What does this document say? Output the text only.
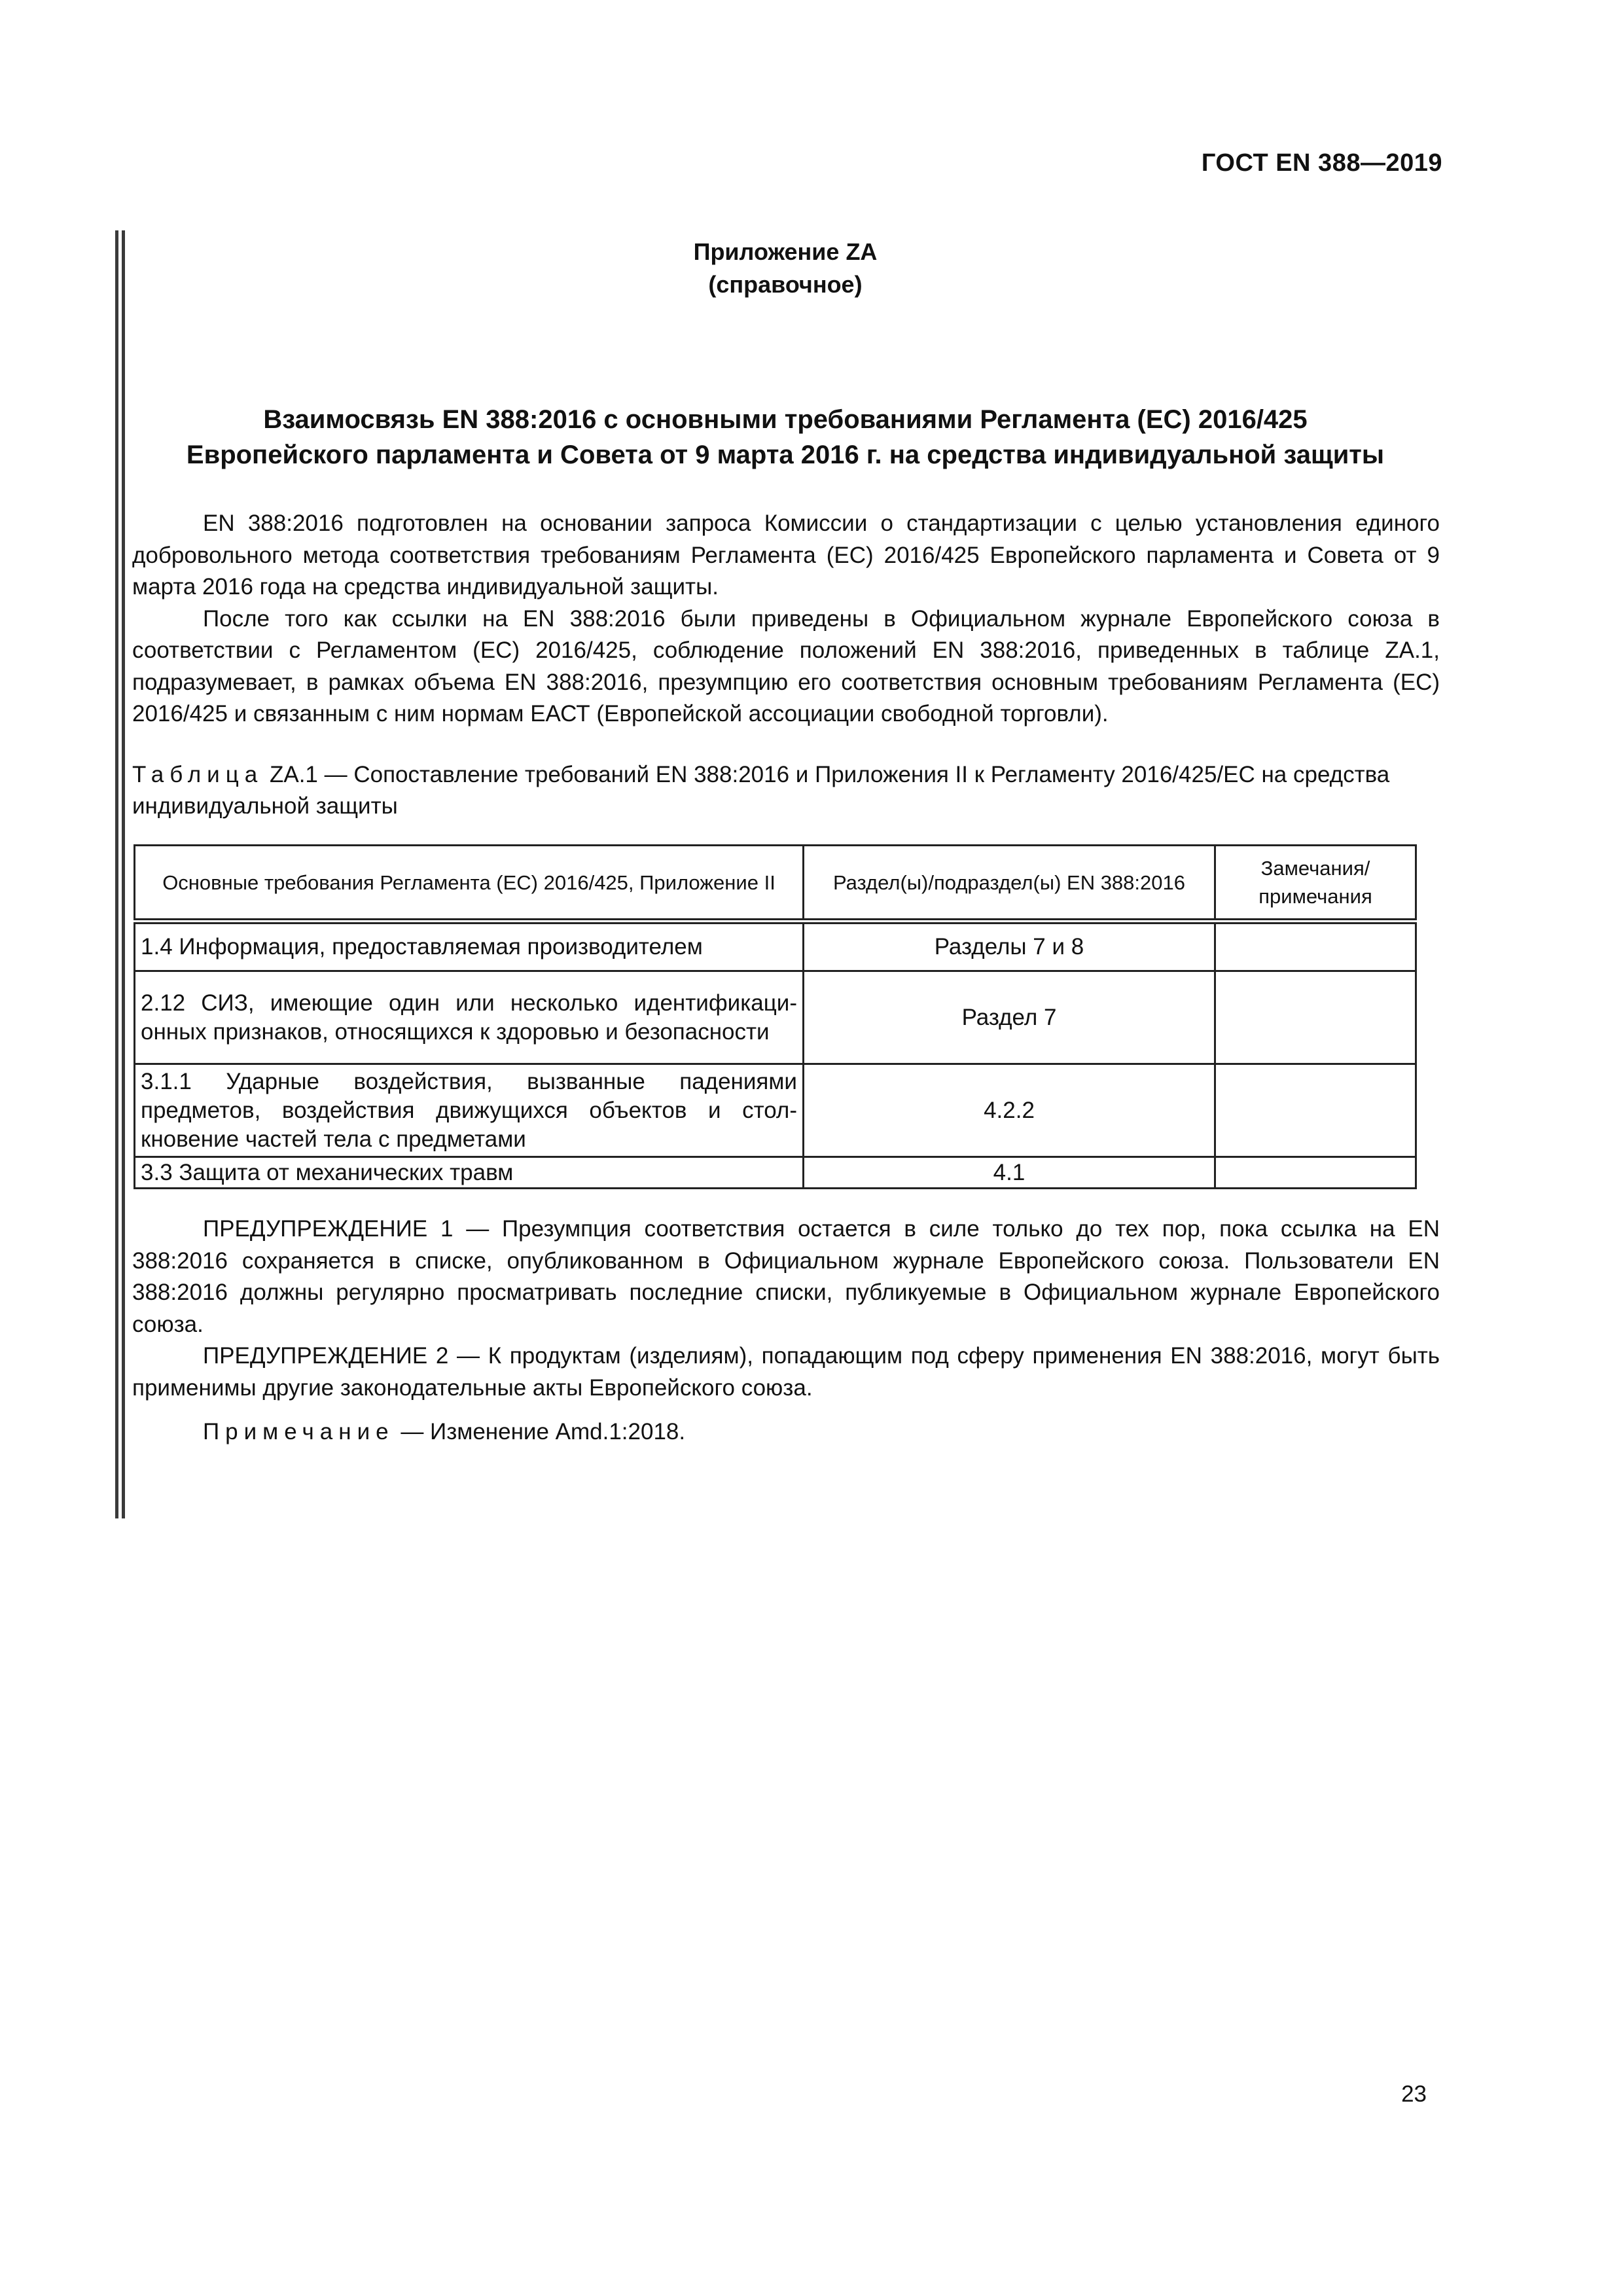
ГОСТ EN 388—2019
Приложение ZA
(справочное)
Взаимосвязь EN 388:2016 с основными требованиями Регламента (ЕС) 2016/425
Европейского парламента и Совета от 9 марта 2016 г. на средства индивидуальной защиты

EN 388:2016 подготовлен на основании запроса Комиссии о стандартизации с целью установления единого добровольного метода соответствия требованиям Регламента (ЕС) 2016/425 Европейского парламента и Совета от 9 марта 2016 года на средства индивидуальной защиты.

После того как ссылки на EN 388:2016 были приведены в Официальном журнале Европейского союза в соответствии с Регламентом (ЕС) 2016/425, соблюдение положений EN 388:2016, приведенных в таблице ZA.1, подразумевает, в рамках объема EN 388:2016, презумпцию его соответствия основным требованиям Регламента (ЕС) 2016/425 и связанным с ним нормам ЕАСТ (Европейской ассоциации свободной торговли).

Таблица ZA.1 — Сопоставление требований EN 388:2016 и Приложения II к Регламенту 2016/425/ЕС на средства индивидуальной защиты
Основные требования Регламента (ЕС) 2016/425, Приложение II	Раздел(ы)/подраздел(ы) EN 388:2016	Замечания/ примечания
1.4 Информация, предоставляемая производителем	Разделы 7 и 8	
2.12 СИЗ, имеющие один или несколько идентификационных признаков, относящихся к здоровью и безопасности	Раздел 7	
3.1.1 Ударные воздействия, вызванные падениями предметов, воздействия движущихся объектов и столкновение частей тела с предметами	4.2.2	
3.3 Защита от механических травм	4.1	

ПРЕДУПРЕЖДЕНИЕ 1 — Презумпция соответствия остается в силе только до тех пор, пока ссылка на EN 388:2016 сохраняется в списке, опубликованном в Официальном журнале Европейского союза. Пользователи EN 388:2016 должны регулярно просматривать последние списки, публикуемые в Официальном журнале Европейского союза.

ПРЕДУПРЕЖДЕНИЕ 2 — К продуктам (изделиям), попадающим под сферу применения EN 388:2016, могут быть применимы другие законодательные акты Европейского союза.

Примечание — Изменение Amd.1:2018.
23
